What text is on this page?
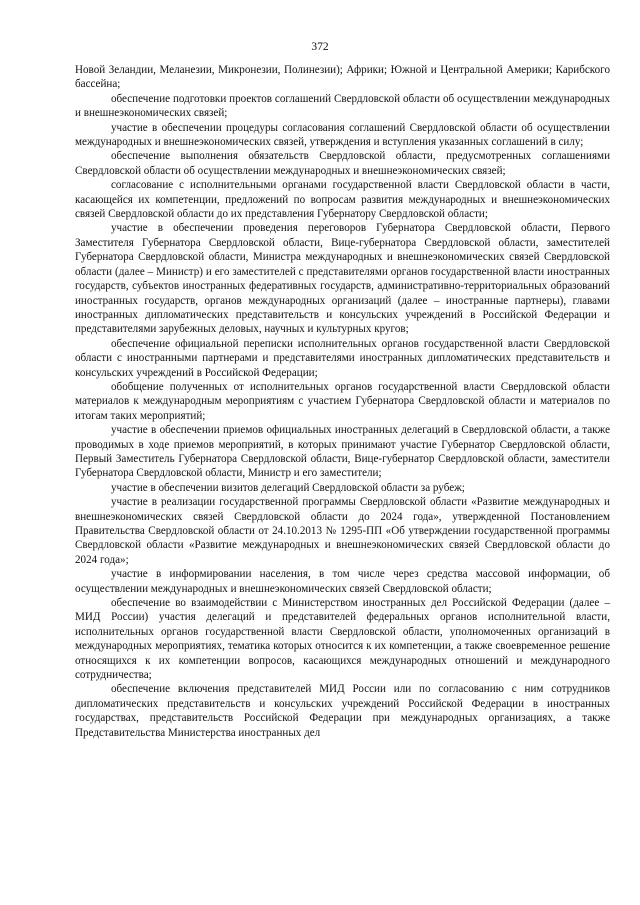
372

Новой Зеландии, Меланезии, Микронезии, Полинезии); Африки; Южной и Центральной Америки; Карибского бассейна;

обеспечение подготовки проектов соглашений Свердловской области об осуществлении международных и внешнеэкономических связей;

участие в обеспечении процедуры согласования соглашений Свердловской области об осуществлении международных и внешнеэкономических связей, утверждения и вступления указанных соглашений в силу;

обеспечение выполнения обязательств Свердловской области, предусмотренных соглашениями Свердловской области об осуществлении международных и внешнеэкономических связей;

согласование с исполнительными органами государственной власти Свердловской области в части, касающейся их компетенции, предложений по вопросам развития международных и внешнеэкономических связей Свердловской области до их представления Губернатору Свердловской области;

участие в обеспечении проведения переговоров Губернатора Свердловской области, Первого Заместителя Губернатора Свердловской области, Вице-губернатора Свердловской области, заместителей Губернатора Свердловской области, Министра международных и внешнеэкономических связей Свердловской области (далее – Министр) и его заместителей с представителями органов государственной власти иностранных государств, субъектов иностранных федеративных государств, административно-территориальных образований иностранных государств, органов международных организаций (далее – иностранные партнеры), главами иностранных дипломатических представительств и консульских учреждений в Российской Федерации и представителями зарубежных деловых, научных и культурных кругов;

обеспечение официальной переписки исполнительных органов государственной власти Свердловской области с иностранными партнерами и представителями иностранных дипломатических представительств и консульских учреждений в Российской Федерации;

обобщение полученных от исполнительных органов государственной власти Свердловской области материалов к международным мероприятиям с участием Губернатора Свердловской области и материалов по итогам таких мероприятий;

участие в обеспечении приемов официальных иностранных делегаций в Свердловской области, а также проводимых в ходе приемов мероприятий, в которых принимают участие Губернатор Свердловской области, Первый Заместитель Губернатора Свердловской области, Вице-губернатор Свердловской области, заместители Губернатора Свердловской области, Министр и его заместители;

участие в обеспечении визитов делегаций Свердловской области за рубеж;

участие в реализации государственной программы Свердловской области «Развитие международных и внешнеэкономических связей Свердловской области до 2024 года», утвержденной Постановлением Правительства Свердловской области от 24.10.2013 № 1295-ПП «Об утверждении государственной программы Свердловской области «Развитие международных и внешнеэкономических связей Свердловской области до 2024 года»;

участие в информировании населения, в том числе через средства массовой информации, об осуществлении международных и внешнеэкономических связей Свердловской области;

обеспечение во взаимодействии с Министерством иностранных дел Российской Федерации (далее – МИД России) участия делегаций и представителей федеральных органов исполнительной власти, исполнительных органов государственной власти Свердловской области, уполномоченных организаций в международных мероприятиях, тематика которых относится к их компетенции, а также своевременное решение относящихся к их компетенции вопросов, касающихся международных отношений и международного сотрудничества;

обеспечение включения представителей МИД России или по согласованию с ним сотрудников дипломатических представительств и консульских учреждений Российской Федерации в иностранных государствах, представительств Российской Федерации при международных организациях, а также Представительства Министерства иностранных дел
